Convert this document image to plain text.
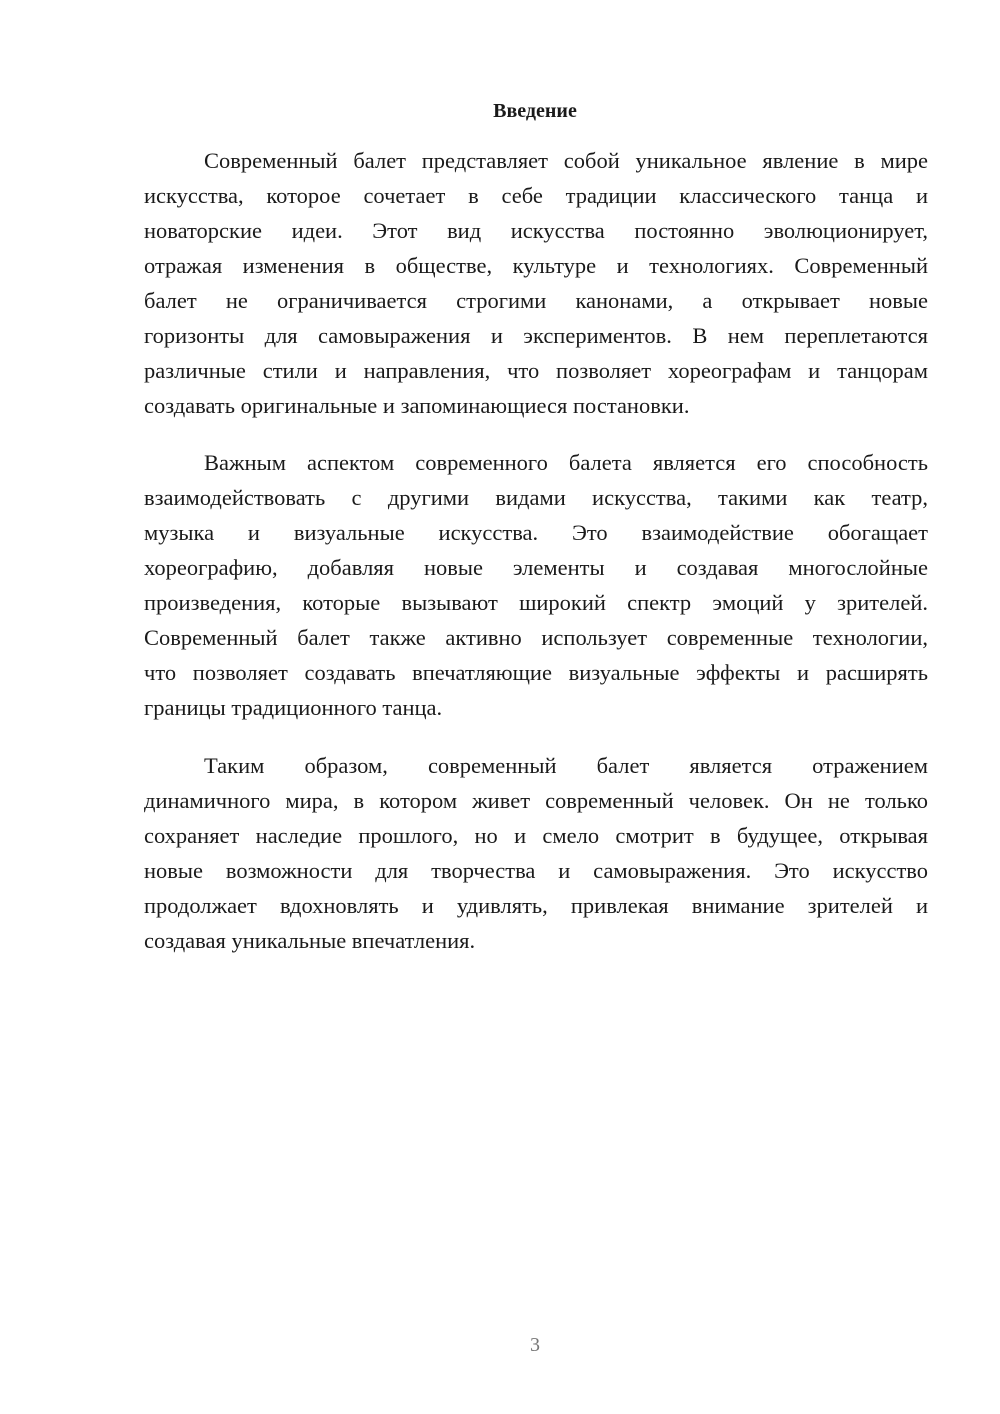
Введение
Современный балет представляет собой уникальное явление в мире
искусства, которое сочетает в себе традиции классического танца и
новаторские идеи. Этот вид искусства постоянно эволюционирует,
отражая изменения в обществе, культуре и технологиях. Современный
балет не ограничивается строгими канонами, а открывает новые
горизонты для самовыражения и экспериментов. В нем переплетаются
различные стили и направления, что позволяет хореографам и танцорам
создавать оригинальные и запоминающиеся постановки.
Важным аспектом современного балета является его способность
взаимодействовать с другими видами искусства, такими как театр,
музыка и визуальные искусства. Это взаимодействие обогащает
хореографию, добавляя новые элементы и создавая многослойные
произведения, которые вызывают широкий спектр эмоций у зрителей.
Современный балет также активно использует современные технологии,
что позволяет создавать впечатляющие визуальные эффекты и расширять
границы традиционного танца.
Таким образом, современный балет является отражением
динамичного мира, в котором живет современный человек. Он не только
сохраняет наследие прошлого, но и смело смотрит в будущее, открывая
новые возможности для творчества и самовыражения. Это искусство
продолжает вдохновлять и удивлять, привлекая внимание зрителей и
создавая уникальные впечатления.
3
